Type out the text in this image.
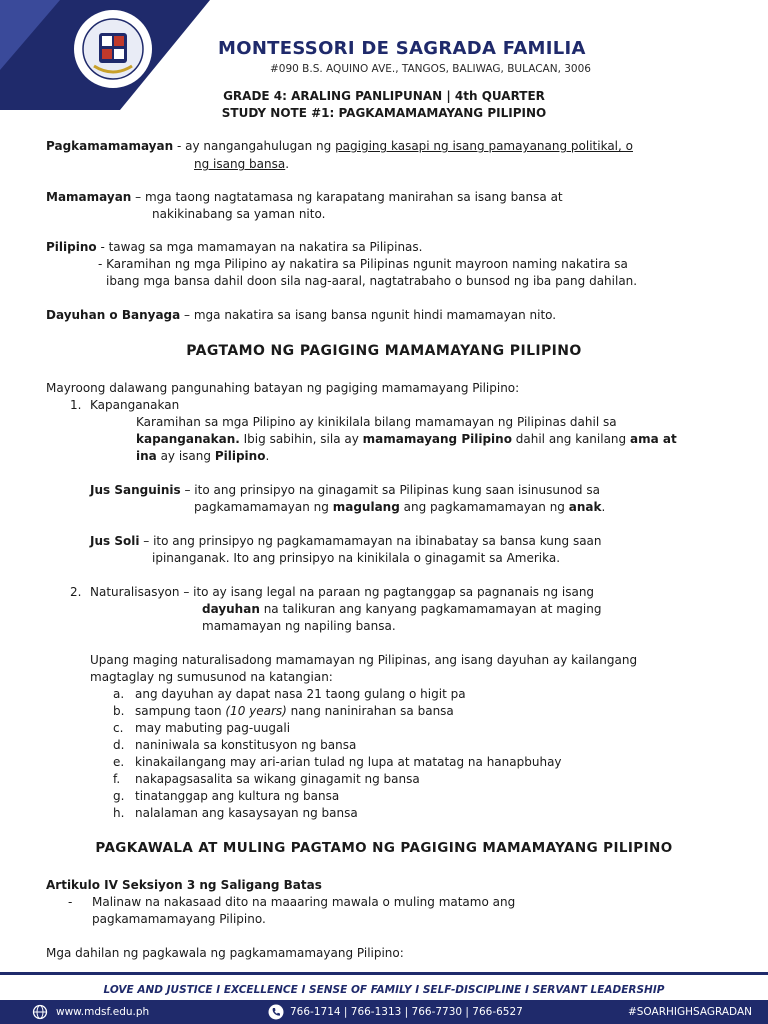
MONTESSORI DE SAGRADA FAMILIA
#090 B.S. AQUINO AVE., TANGOS, BALIWAG, BULACAN, 3006
GRADE 4: ARALING PANLIPUNAN | 4th QUARTER
STUDY NOTE #1: PAGKAMAMAMAYANG PILIPINO
Pagkamamamayan - ay nangangahulugan ng pagiging kasapi ng isang pamayanang politikal, o
ng isang bansa.
Mamamayan – mga taong nagtatamasa ng karapatang manirahan sa isang bansa at
nakikinabang sa yaman nito.
Pilipino - tawag sa mga mamamayan na nakatira sa Pilipinas.
- Karamihan ng mga Pilipino ay nakatira sa Pilipinas ngunit mayroon naming nakatira sa
ibang mga bansa dahil doon sila nag-aaral, nagtatrabaho o bunsod ng iba pang dahilan.
Dayuhan o Banyaga – mga nakatira sa isang bansa ngunit hindi mamamayan nito.
PAGTAMO NG PAGIGING MAMAMAYANG PILIPINO
Mayroong dalawang pangunahing batayan ng pagiging mamamayang Pilipino:
1. Kapanganakan
Karamihan sa mga Pilipino ay kinikilala bilang mamamayan ng Pilipinas dahil sa
kapanganakan. Ibig sabihin, sila ay mamamayang Pilipino dahil ang kanilang ama at
ina ay isang Pilipino.
Jus Sanguinis – ito ang prinsipyo na ginagamit sa Pilipinas kung saan isinusunod sa
pagkamamamayan ng magulang ang pagkamamamayan ng anak.
Jus Soli – ito ang prinsipyo ng pagkamamamayan na ibinabatay sa bansa kung saan
ipinanganak. Ito ang prinsipyo na kinikilala o ginagamit sa Amerika.
2. Naturalisasyon – ito ay isang legal na paraan ng pagtanggap sa pagnanais ng isang
dayuhan na talikuran ang kanyang pagkamamamayan at maging
mamamayan ng napiling bansa.
Upang maging naturalisadong mamamayan ng Pilipinas, ang isang dayuhan ay kailangang
magtaglay ng sumusunod na katangian:
a. ang dayuhan ay dapat nasa 21 taong gulang o higit pa
b. sampung taon (10 years) nang naninirahan sa bansa
c. may mabuting pag-uugali
d. naniniwala sa konstitusyon ng bansa
e. kinakailangang may ari-arian tulad ng lupa at matatag na hanapbuhay
f. nakapagsasalita sa wikang ginagamit ng bansa
g. tinatanggap ang kultura ng bansa
h. nalalaman ang kasaysayan ng bansa
PAGKAWALA AT MULING PAGTAMO NG PAGIGING MAMAMAYANG PILIPINO
Artikulo IV Seksiyon 3 ng Saligang Batas
- Malinaw na nakasaad dito na maaaring mawala o muling matamo ang
pagkamamamayang Pilipino.
Mga dahilan ng pagkawala ng pagkamamamayang Pilipino:
LOVE AND JUSTICE I EXCELLENCE I SENSE OF FAMILY I SELF-DISCIPLINE I SERVANT LEADERSHIP
www.mdsf.edu.ph	766-1714 | 766-1313 | 766-7730 | 766-6527	#SOARHIGHSAGRADAN
